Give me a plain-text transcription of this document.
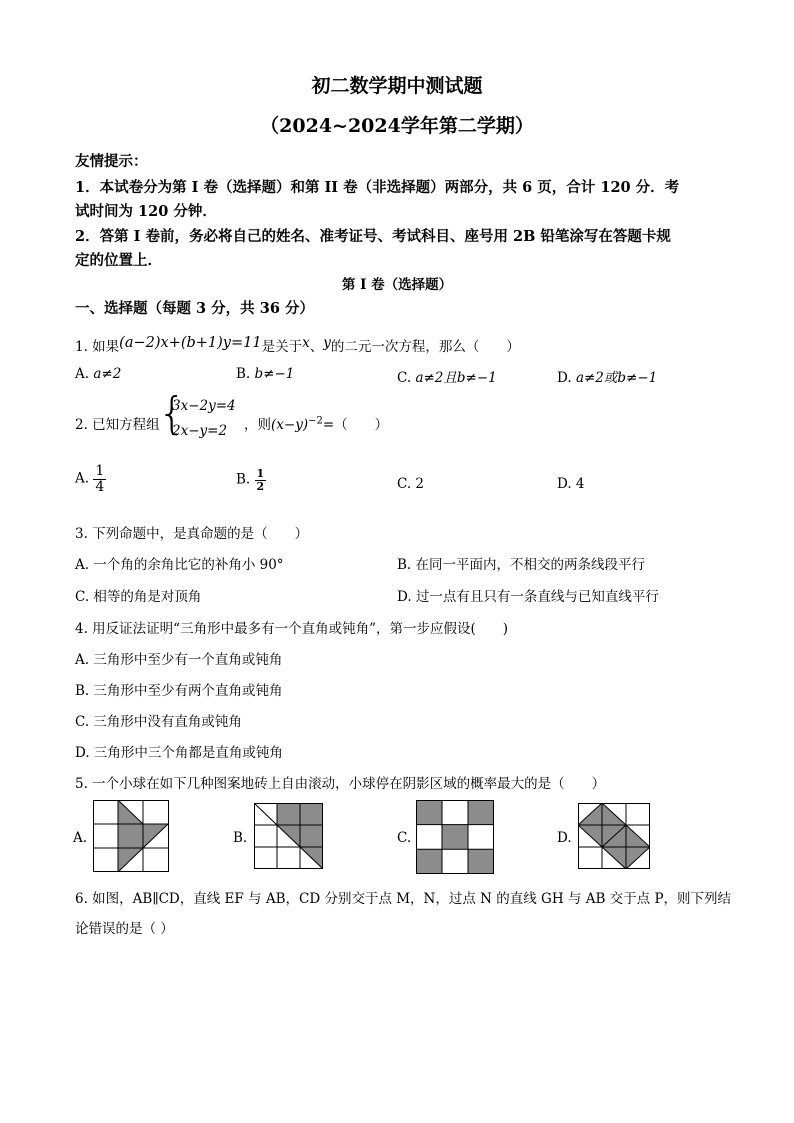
初二数学期中测试题
（2024~2024学年第二学期）
友情提示：
1．本试卷分为第 I 卷（选择题）和第 II 卷（非选择题）两部分，共 6 页，合计 120 分．考
试时间为 120 分钟．
2．答第 I 卷前，务必将自己的姓名、准考证号、考试科目、座号用 2B 铅笔涂写在答题卡规
定的位置上．
第 I 卷（选择题）
一、选择题（每题 3 分，共 36 分）
1. 如果(a−2)x+(b+1)y=11是关于x、y的二元一次方程，那么（　　）
A. a≠2	B. b≠−1	C. a≠2且b≠−1	D. a≠2或b≠−1
2. 已知方程组
{
3x−2y=4
2x−y=2 ，则$(x-y)^{-2}=$（　　）
A. $\frac{1}{4}$	B. $\frac{1}{2}$	C. 2	D. 4
3. 下列命题中，是真命题的是（　　）
A. 一个角的余角比它的补角小 90°	B. 在同一平面内，不相交的两条线段平行
C. 相等的角是对顶角	D. 过一点有且只有一条直线与已知直线平行
4. 用反证法证明“三角形中最多有一个直角或钝角”，第一步应假设(　　)
A. 三角形中至少有一个直角或钝角
B. 三角形中至少有两个直角或钝角
C. 三角形中没有直角或钝角
D. 三角形中三个角都是直角或钝角
5. 一个小球在如下几种图案地砖上自由滚动，小球停在阴影区域的概率最大的是（　　）
A.	B.	C.	D.
6. 如图，AB∥CD，直线 EF 与 AB，CD 分别交于点 M，N，过点 N 的直线 GH 与 AB 交于点 P，则下列结
论错误的是（ ）
